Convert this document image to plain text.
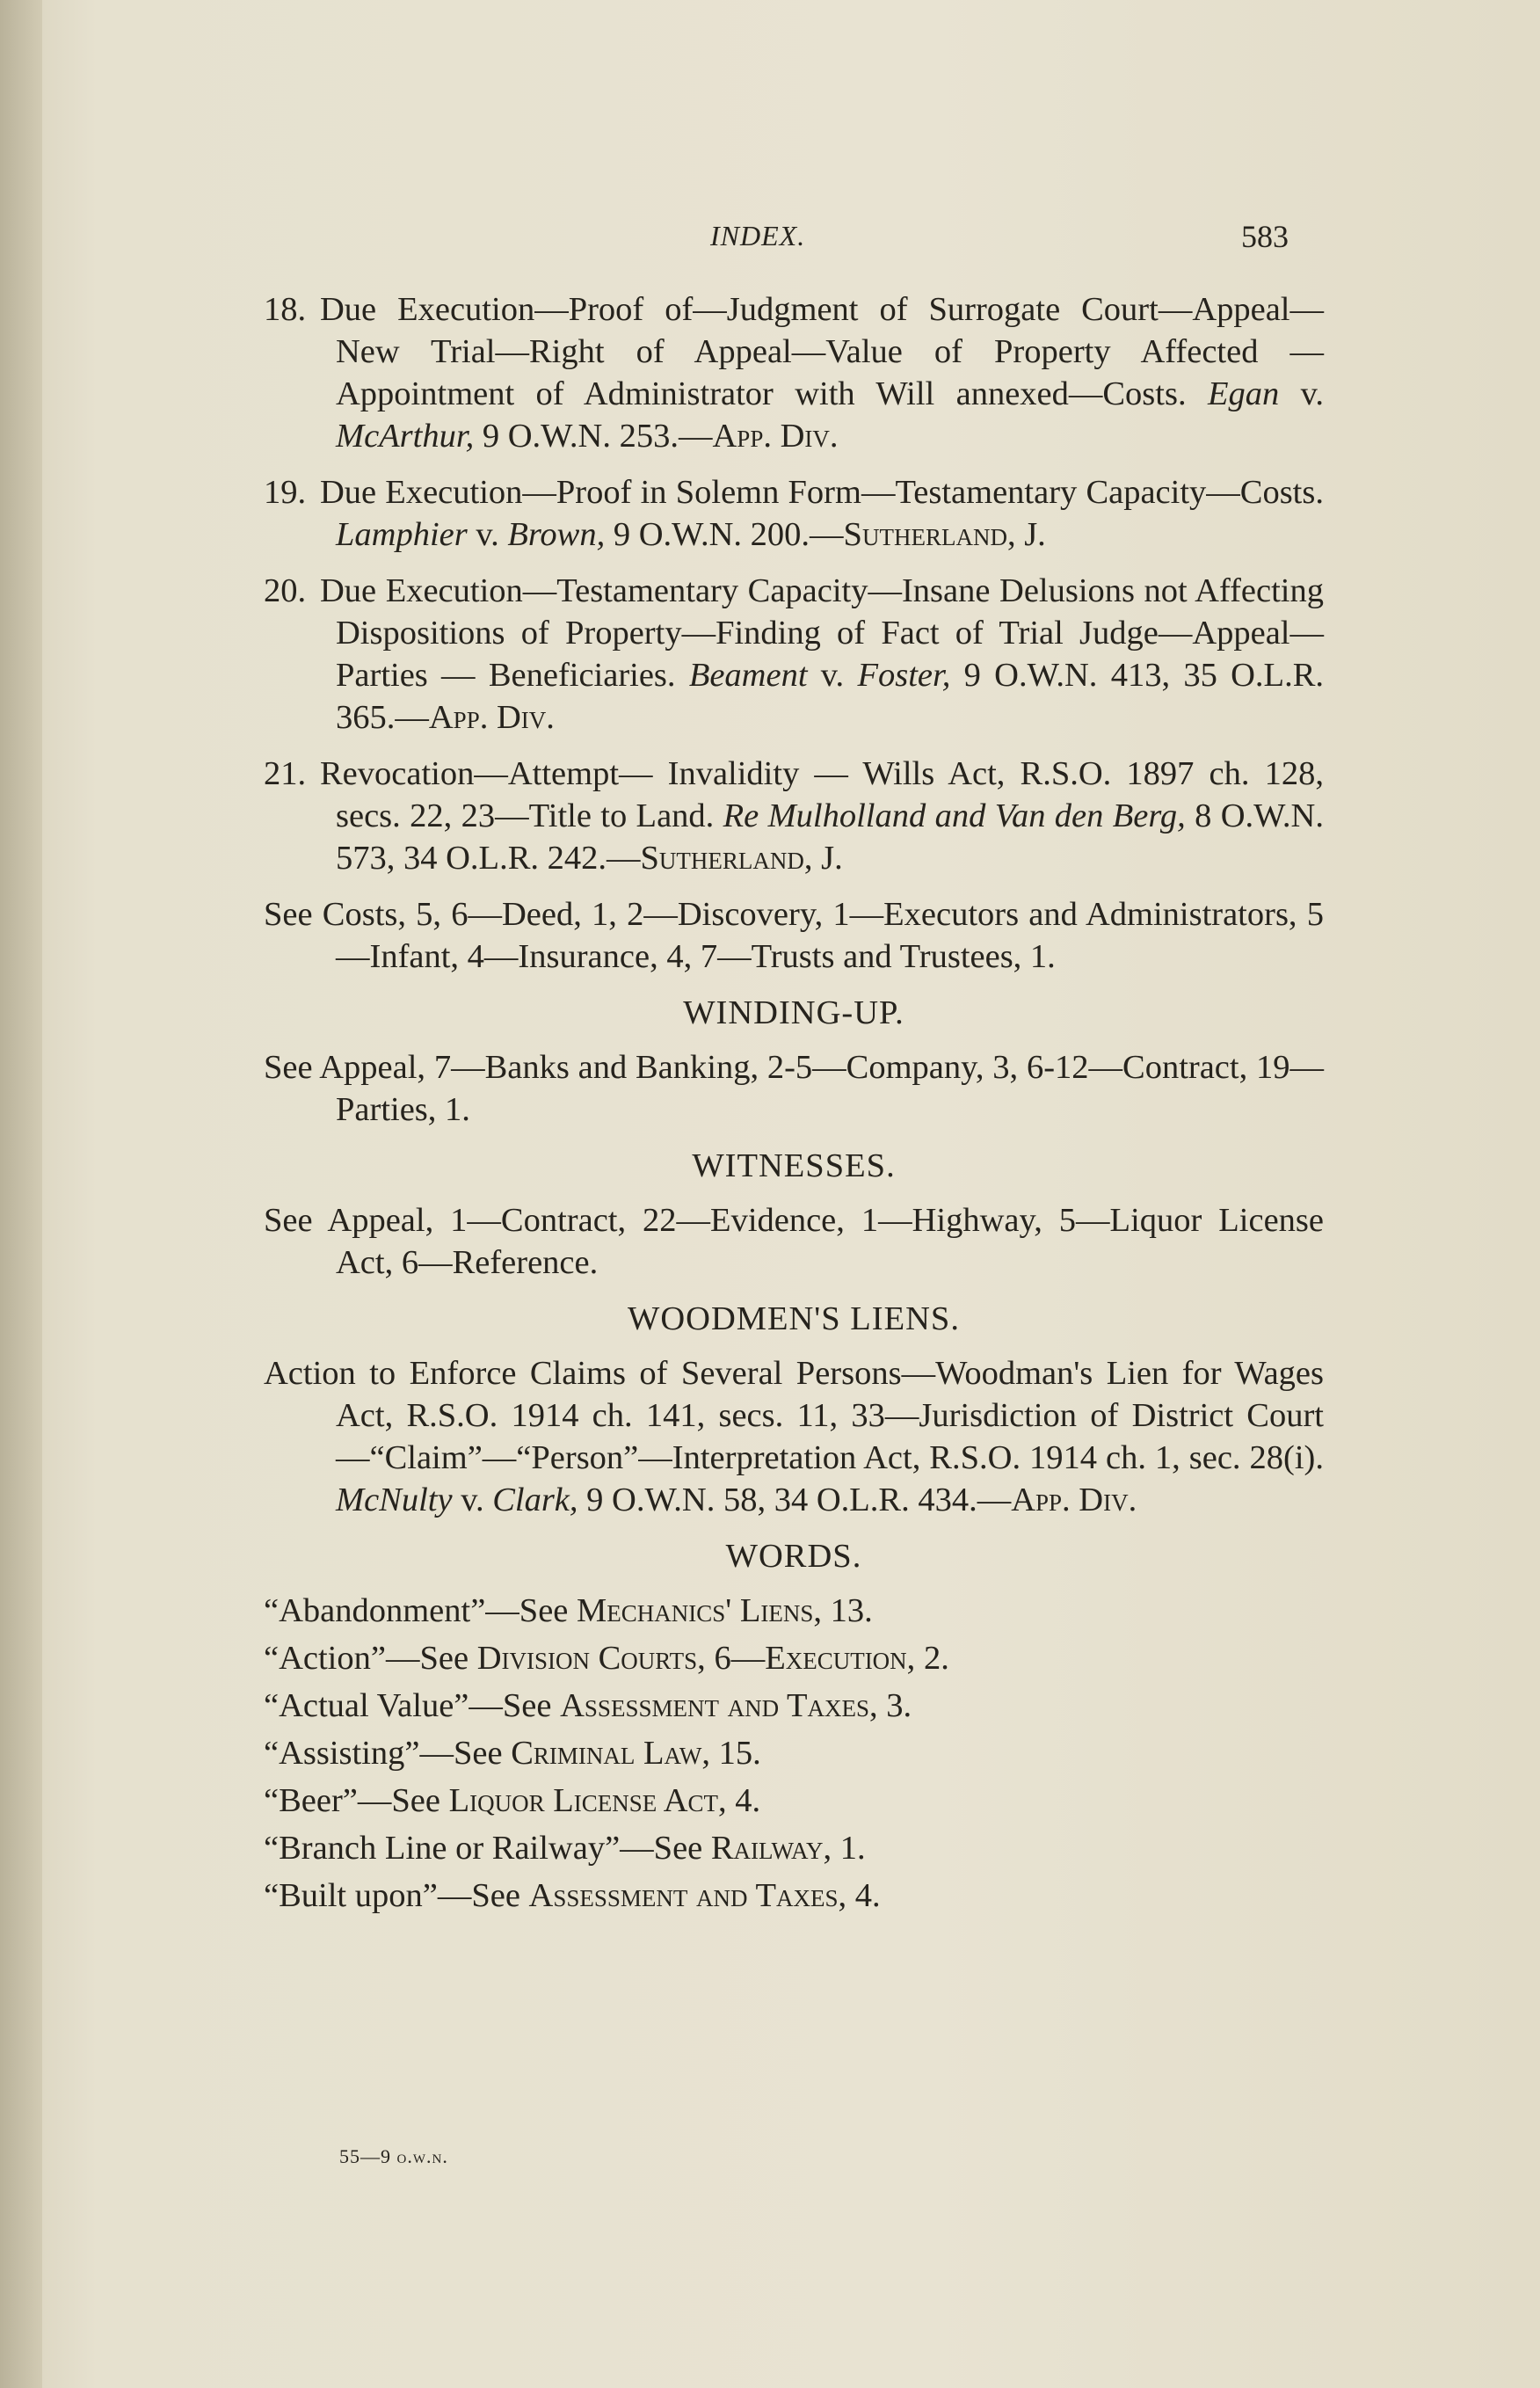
INDEX.	583

18. Due Execution—Proof of—Judgment of Surrogate Court—Appeal—New Trial—Right of Appeal—Value of Property Affected — Appointment of Administrator with Will annexed—Costs. Egan v. McArthur, 9 O.W.N. 253.—App. Div.

19. Due Execution—Proof in Solemn Form—Testamentary Capacity—Costs. Lamphier v. Brown, 9 O.W.N. 200.—Sutherland, J.

20. Due Execution—Testamentary Capacity—Insane Delusions not Affecting Dispositions of Property—Finding of Fact of Trial Judge—Appeal—Parties — Beneficiaries. Beament v. Foster, 9 O.W.N. 413, 35 O.L.R. 365.—App. Div.

21. Revocation—Attempt— Invalidity — Wills Act, R.S.O. 1897 ch. 128, secs. 22, 23—Title to Land. Re Mulholland and Van den Berg, 8 O.W.N. 573, 34 O.L.R. 242.—Sutherland, J.

See Costs, 5, 6—Deed, 1, 2—Discovery, 1—Executors and Administrators, 5—Infant, 4—Insurance, 4, 7—Trusts and Trustees, 1.

WINDING-UP.

See Appeal, 7—Banks and Banking, 2-5—Company, 3, 6-12—Contract, 19—Parties, 1.

WITNESSES.

See Appeal, 1—Contract, 22—Evidence, 1—Highway, 5—Liquor License Act, 6—Reference.

WOODMEN'S LIENS.

Action to Enforce Claims of Several Persons—Woodman's Lien for Wages Act, R.S.O. 1914 ch. 141, secs. 11, 33—Jurisdiction of District Court—“Claim”—“Person”—Interpretation Act, R.S.O. 1914 ch. 1, sec. 28(i). McNulty v. Clark, 9 O.W.N. 58, 34 O.L.R. 434.—App. Div.

WORDS.

“Abandonment”—See Mechanics' Liens, 13.

“Action”—See Division Courts, 6—Execution, 2.

“Actual Value”—See Assessment and Taxes, 3.

“Assisting”—See Criminal Law, 15.

“Beer”—See Liquor License Act, 4.

“Branch Line or Railway”—See Railway, 1.

“Built upon”—See Assessment and Taxes, 4.

55—9 o.w.n.
